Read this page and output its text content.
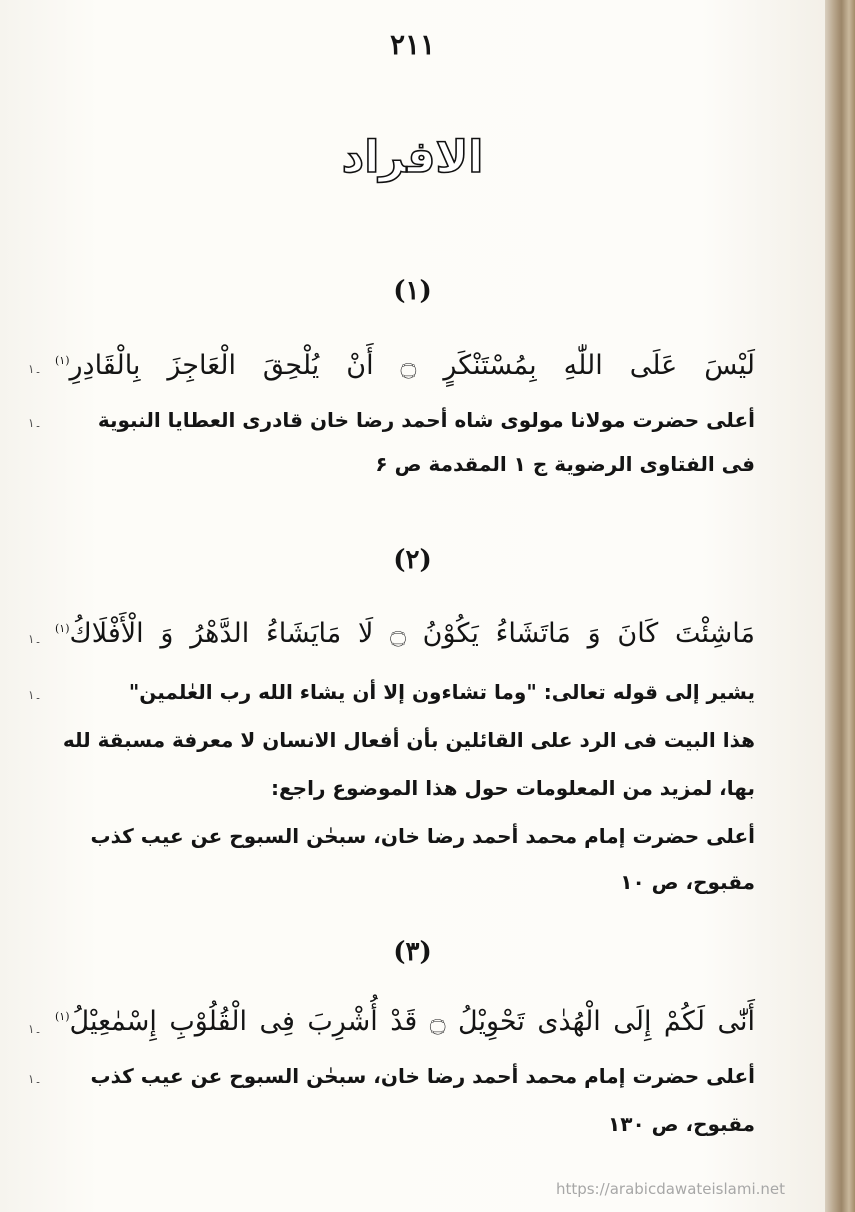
۲۱۱
الافراد
(۱)
۔۱	لَيْسَ عَلَى اللّٰهِ بِمُسْتَنْكَرٍ ۝ أَنْ يُلْحِقَ الْعَاجِزَ بِالْقَادِرِ$^{(۱)}$
۔۱	أعلى حضرت مولانا مولوى شاه أحمد رضا خان قادرى العطايا النبوية
فى الفتاوى الرضوية ج ۱ المقدمة ص ۶
(۲)
۔۱	مَاشِئْتَ كَانَ وَ مَاتَشَاءُ يَكُوْنُ ۝ لَا مَايَشَاءُ الدَّهْرُ وَ الْأَفْلَاكُ$^{(۱)}$
۔۱	يشير إلى قوله تعالى: "وما تشاءون إلا أن يشاء الله رب العٰلمين"
هذا البيت فى الرد على القائلين بأن أفعال الانسان لا معرفة مسبقة لله
بها، لمزيد من المعلومات حول هذا الموضوع راجع:
أعلى حضرت إمام محمد أحمد رضا خان، سبحٰن السبوح عن عيب كذب
مقبوح، ص ۱۰
(۳)
۔۱	أَنّٰى لَكُمْ إِلَى الْهُدٰى تَحْوِيْلُ ۝ قَدْ أُشْرِبَ فِى الْقُلُوْبِ إِسْمٰعِيْلُ$^{(۱)}$
۔۱	أعلى حضرت إمام محمد أحمد رضا خان، سبحٰن السبوح عن عيب كذب
مقبوح، ص ۱۳۰
https://arabicdawateislami.net
